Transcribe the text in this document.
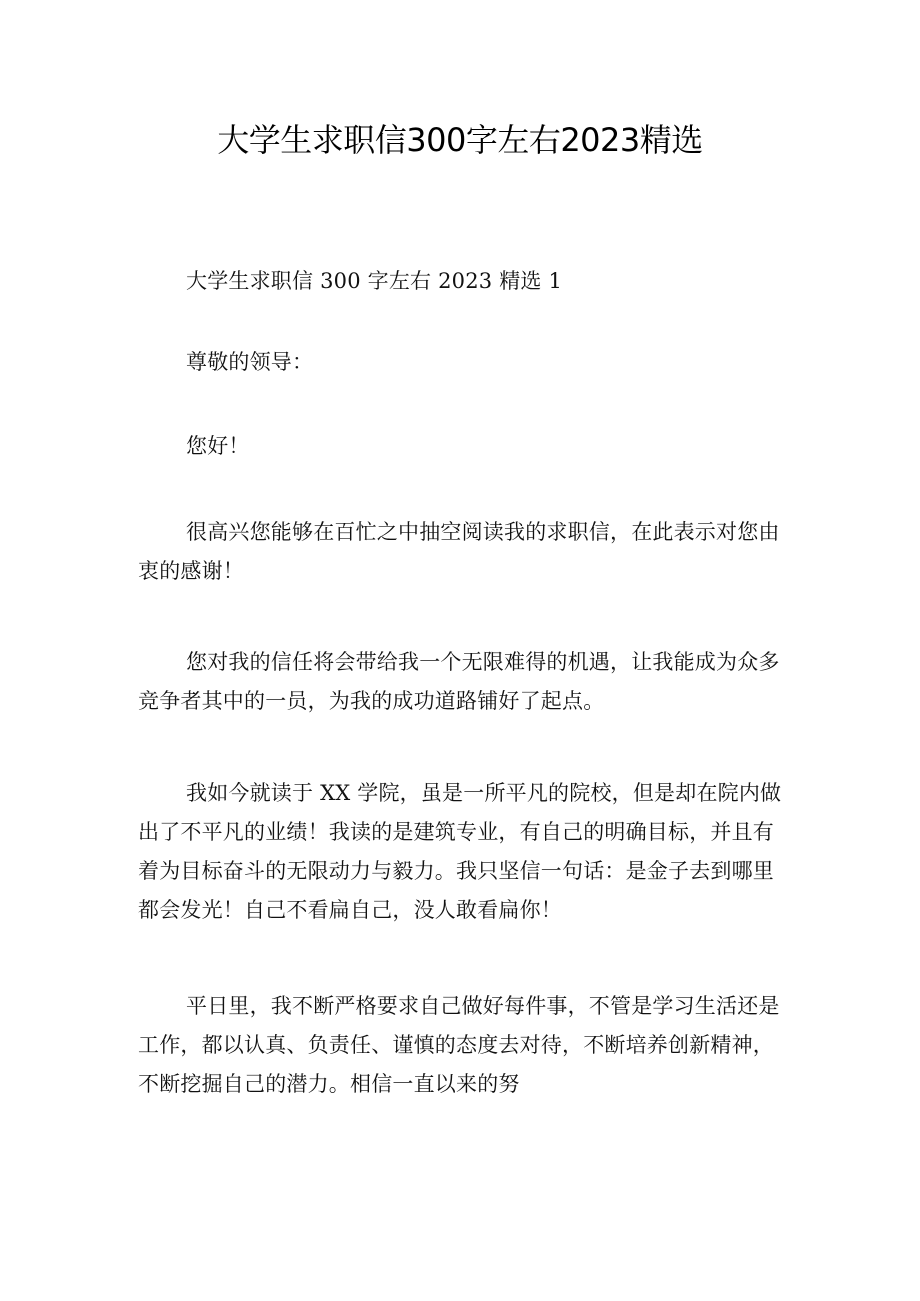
大学生求职信300字左右2023精选
大学生求职信 300 字左右 2023 精选 1
尊敬的领导：
您好！
很高兴您能够在百忙之中抽空阅读我的求职信，在此表示对您由衷的感谢！
您对我的信任将会带给我一个无限难得的机遇，让我能成为众多竞争者其中的一员，为我的成功道路铺好了起点。
我如今就读于 XX 学院，虽是一所平凡的院校，但是却在院内做出了不平凡的业绩！我读的是建筑专业，有自己的明确目标，并且有着为目标奋斗的无限动力与毅力。我只坚信一句话：是金子去到哪里都会发光！自己不看扁自己，没人敢看扁你！
平日里，我不断严格要求自己做好每件事，不管是学习生活还是工作，都以认真、负责任、谨慎的态度去对待，不断培养创新精神，不断挖掘自己的潜力。相信一直以来的努
